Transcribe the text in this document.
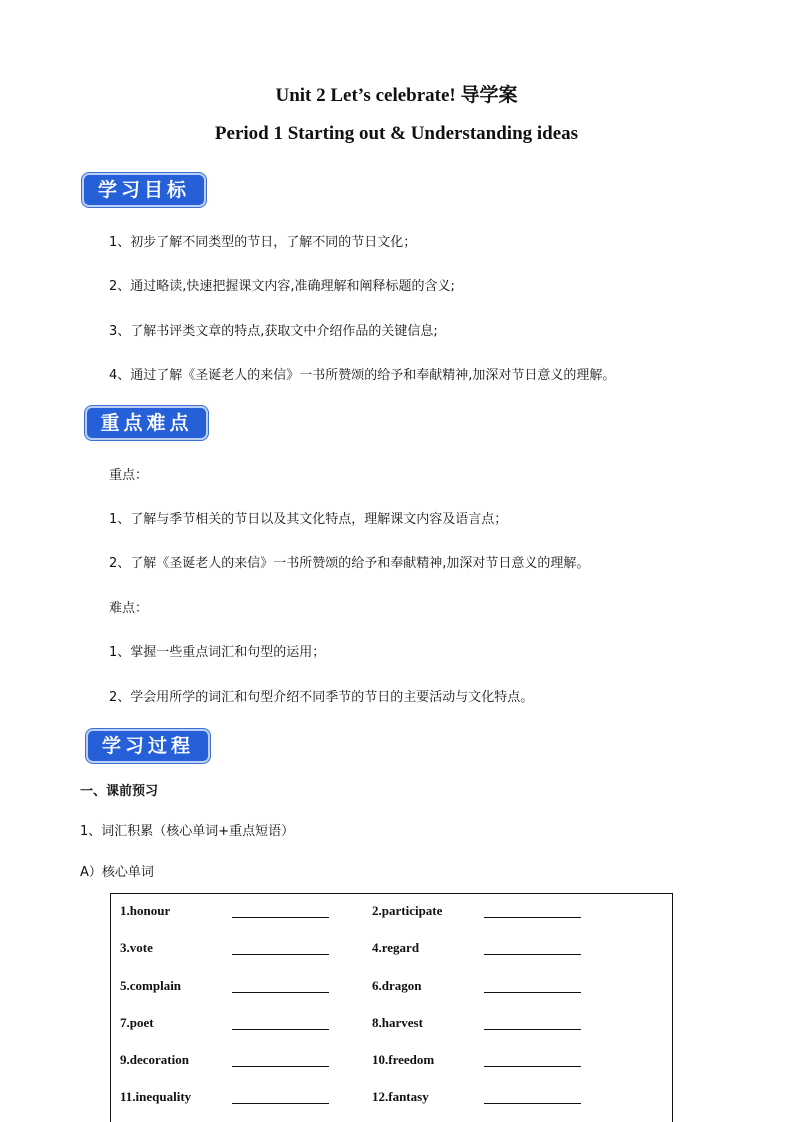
Unit 2 Let’s celebrate! 导学案
Period 1 Starting out & Understanding ideas
学习目标
1、初步了解不同类型的节日，了解不同的节日文化；
2、通过略读,快速把握课文内容,准确理解和阐释标题的含义;
3、了解书评类文章的特点,获取文中介绍作品的关键信息;
4、通过了解《圣诞老人的来信》一书所赞颂的给予和奉献精神,加深对节日意义的理解。
重点难点
重点：
1、了解与季节相关的节日以及其文化特点，理解课文内容及语言点；
2、了解《圣诞老人的来信》一书所赞颂的给予和奉献精神,加深对节日意义的理解。
难点：
1、掌握一些重点词汇和句型的运用；
2、学会用所学的词汇和句型介绍不同季节的节日的主要活动与文化特点。
学习过程
一、课前预习
1、词汇积累（核心单词+重点短语）
A）核心单词
1.honour	2.participate
3.vote	4.regard
5.complain	6.dragon
7.poet	8.harvest
9.decoration	10.freedom
11.inequality	12.fantasy
